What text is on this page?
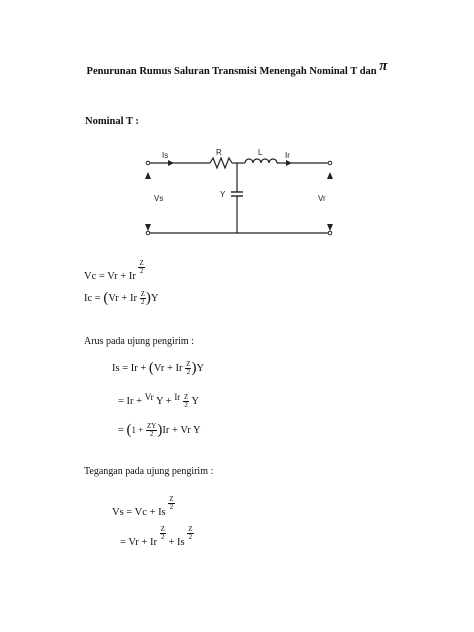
Penurunan Rumus Saluran Transmisi Menengah Nominal T dan π
Nominal T :
Is	R	L	Ir
Y
Vs	Vr
Vc = Vr + Ir
$\frac{Z}{2}$
Ic = (Vr + Ir $\frac{Z}{2} )Y$
Arus pada ujung pengirim :
Is = Ir + (Vr + Ir $\frac{Z}{2} )Y$
= Ir + Vr Y + Ir $\frac{Z}{2}$ Y
= $(1 + \frac{ZY}{2} )Ir + Vr$ Y
Tegangan pada ujung pengirim :
Vs = Vc + Is
$\frac{Z}{2}$
= Vr + Ir
$\frac{Z}{2}$
+ Is
$\frac{Z}{2}$
